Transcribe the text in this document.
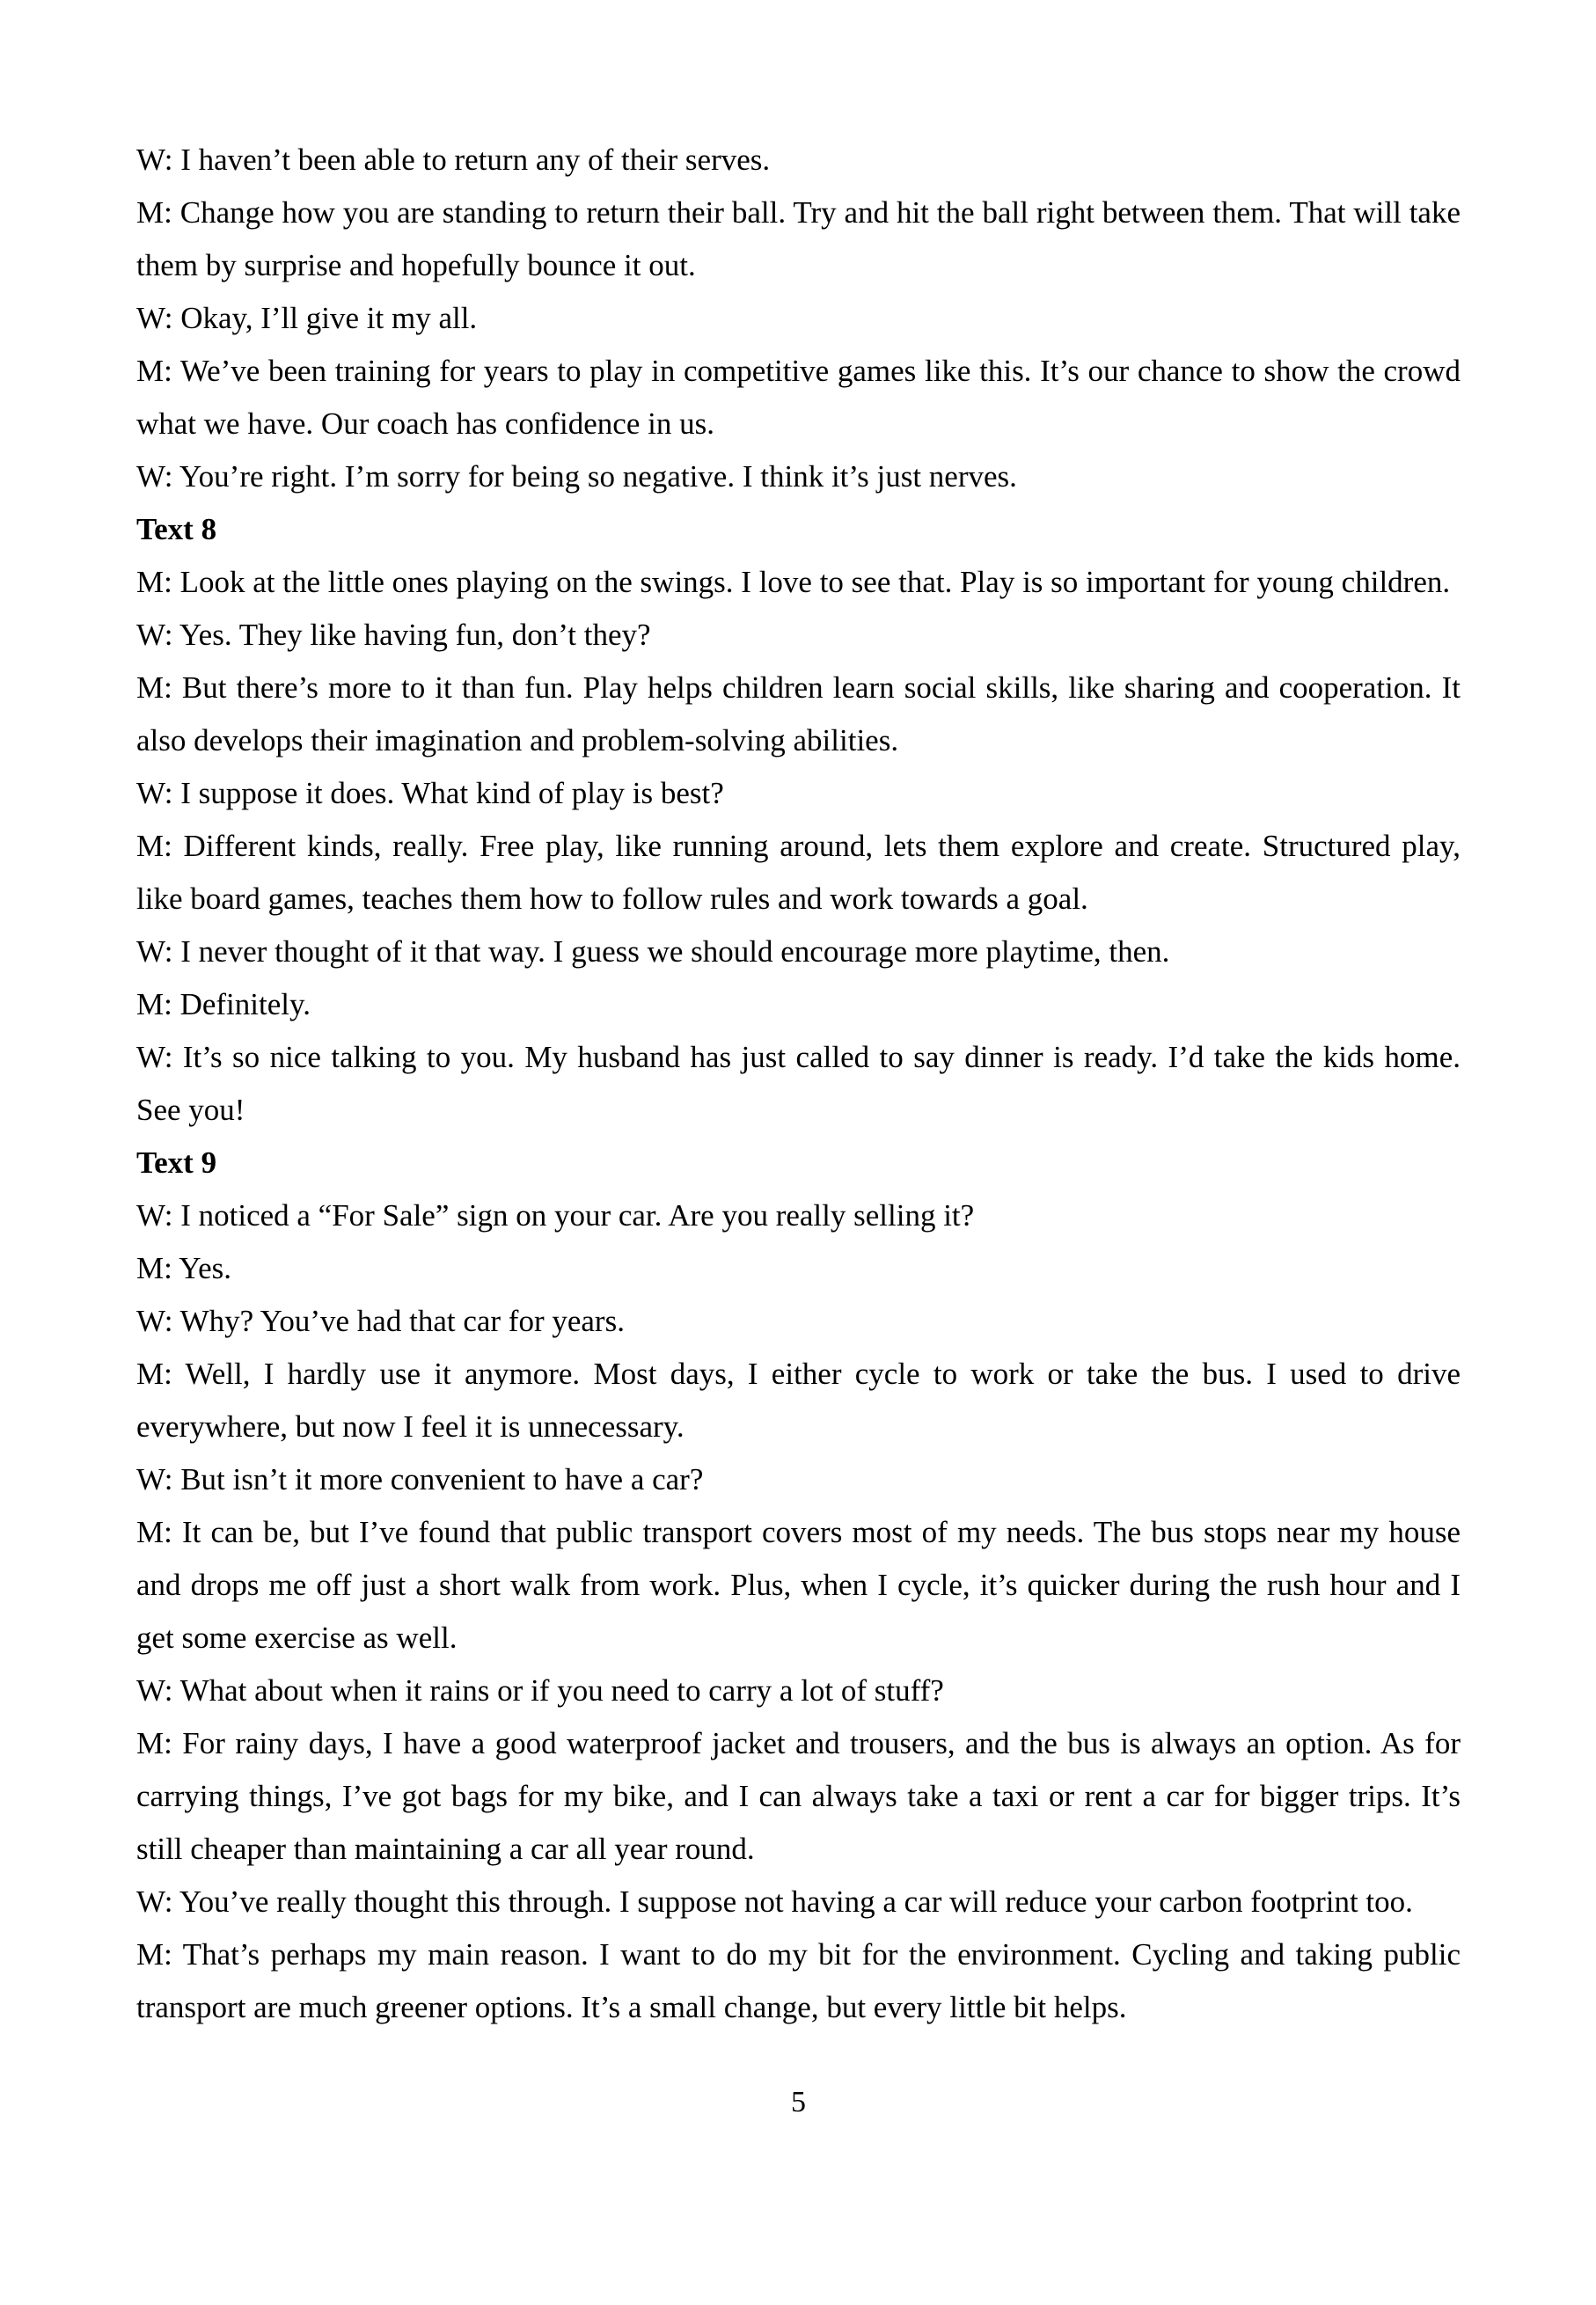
W: I haven’t been able to return any of their serves.

M: Change how you are standing to return their ball. Try and hit the ball right between them. That will take them by surprise and hopefully bounce it out.

W: Okay, I’ll give it my all.

M: We’ve been training for years to play in competitive games like this. It’s our chance to show the crowd what we have. Our coach has confidence in us.

W: You’re right. I’m sorry for being so negative. I think it’s just nerves.

Text 8

M: Look at the little ones playing on the swings. I love to see that. Play is so important for young children.

W: Yes. They like having fun, don’t they?

M: But there’s more to it than fun. Play helps children learn social skills, like sharing and cooperation. It also develops their imagination and problem-solving abilities.

W: I suppose it does. What kind of play is best?

M: Different kinds, really. Free play, like running around, lets them explore and create. Structured play, like board games, teaches them how to follow rules and work towards a goal.

W: I never thought of it that way. I guess we should encourage more playtime, then.

M: Definitely.

W: It’s so nice talking to you. My husband has just called to say dinner is ready. I’d take the kids home. See you!

Text 9

W: I noticed a “For Sale” sign on your car. Are you really selling it?

M: Yes.

W: Why? You’ve had that car for years.

M: Well, I hardly use it anymore. Most days, I either cycle to work or take the bus. I used to drive everywhere, but now I feel it is unnecessary.

W: But isn’t it more convenient to have a car?

M: It can be, but I’ve found that public transport covers most of my needs. The bus stops near my house and drops me off just a short walk from work. Plus, when I cycle, it’s quicker during the rush hour and I get some exercise as well.

W: What about when it rains or if you need to carry a lot of stuff?

M: For rainy days, I have a good waterproof jacket and trousers, and the bus is always an option. As for carrying things, I’ve got bags for my bike, and I can always take a taxi or rent a car for bigger trips. It’s still cheaper than maintaining a car all year round.

W: You’ve really thought this through. I suppose not having a car will reduce your carbon footprint too.

M: That’s perhaps my main reason. I want to do my bit for the environment. Cycling and taking public transport are much greener options. It’s a small change, but every little bit helps.

5
